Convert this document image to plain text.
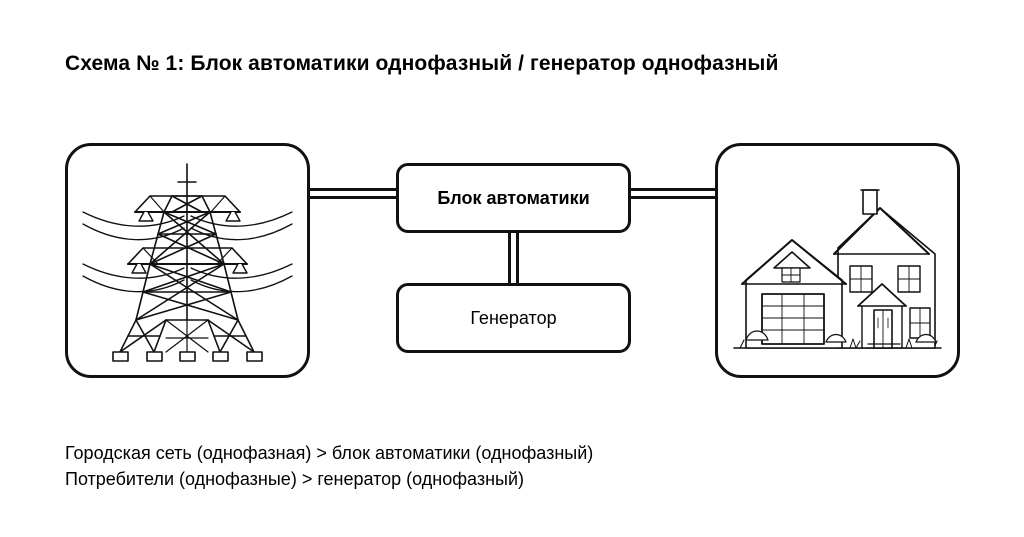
Схема № 1: Блок автоматики однофазный / генератор однофазный
Блок автоматики
Генератор
Городская сеть (однофазная) > блок автоматики (однофазный)
Потребители (однофазные) > генератор (однофазный)
